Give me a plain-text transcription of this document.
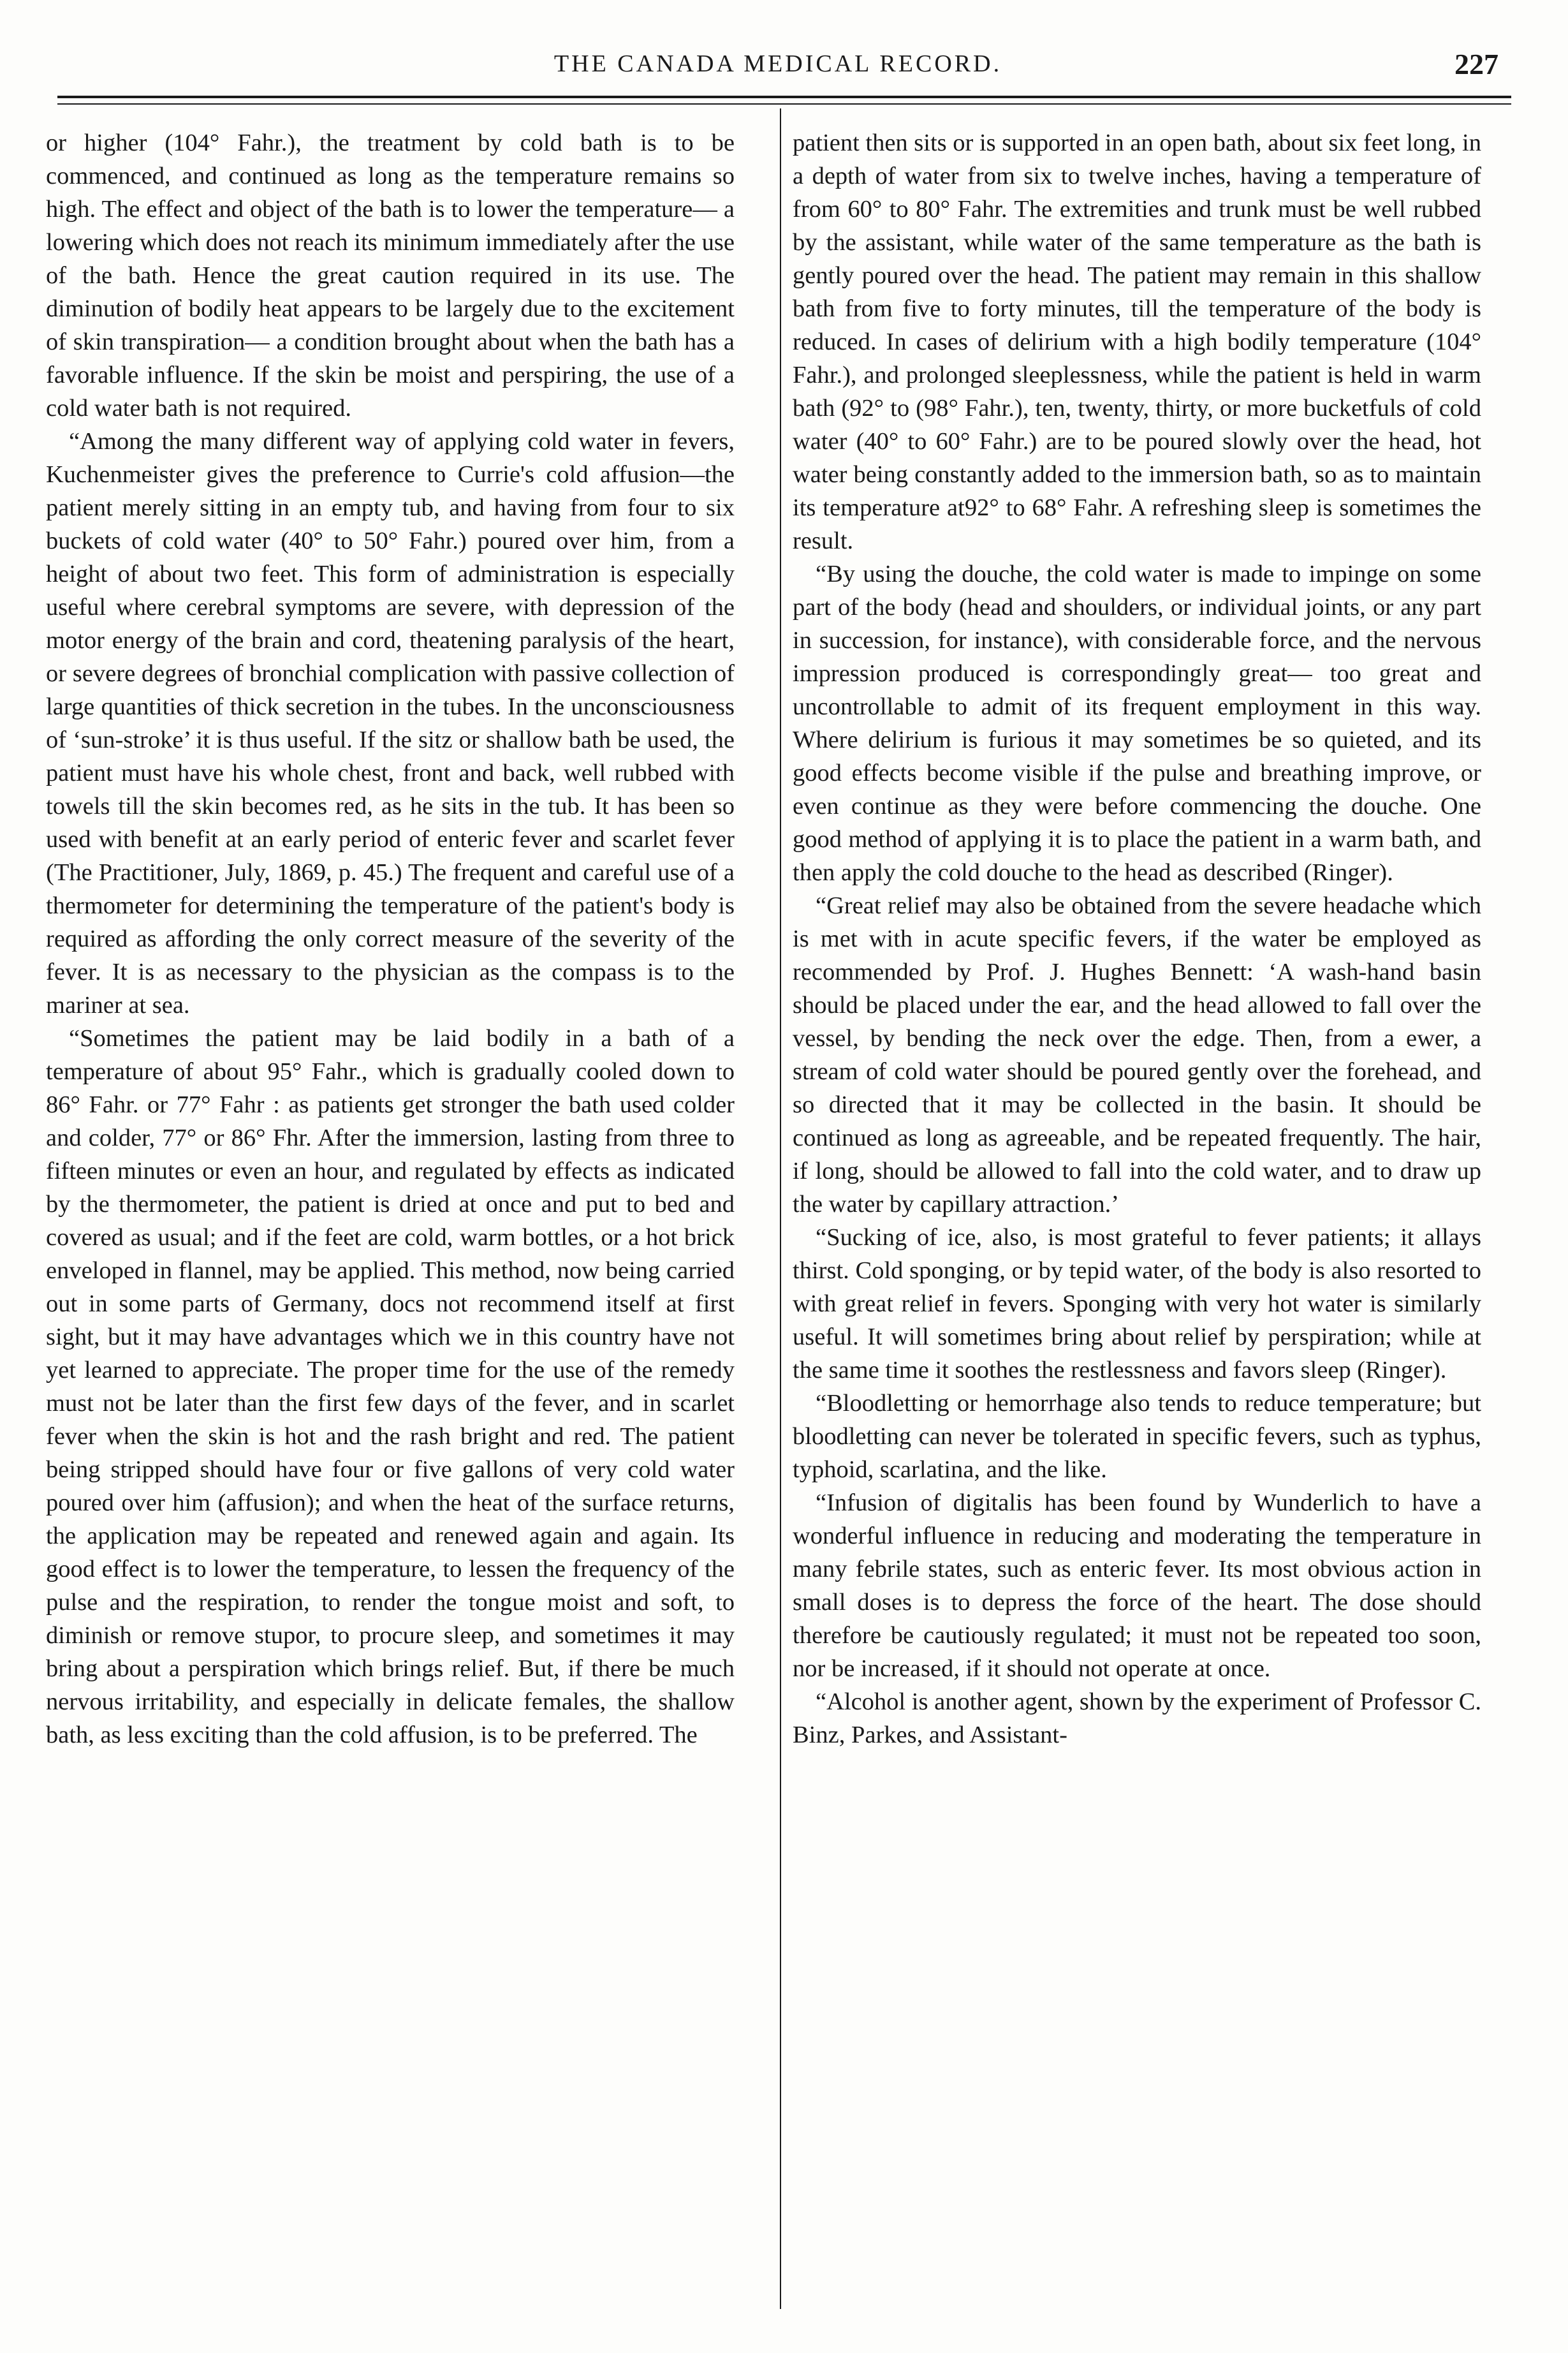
THE CANADA MEDICAL RECORD.	227

or higher (104° Fahr.), the treatment by cold bath is to be commenced, and continued as long as the temperature remains so high. The effect and object of the bath is to lower the temperature— a lowering which does not reach its minimum immediately after the use of the bath. Hence the great caution required in its use. The diminution of bodily heat appears to be largely due to the excitement of skin transpiration— a condition brought about when the bath has a favorable influence. If the skin be moist and perspiring, the use of a cold water bath is not required.

“Among the many different way of applying cold water in fevers, Kuchenmeister gives the preference to Currie's cold affusion—the patient merely sitting in an empty tub, and having from four to six buckets of cold water (40° to 50° Fahr.) poured over him, from a height of about two feet. This form of administration is especially useful where cerebral symptoms are severe, with depression of the motor energy of the brain and cord, theatening paralysis of the heart, or severe degrees of bronchial complication with passive collection of large quantities of thick secretion in the tubes. In the unconsciousness of ‘sun-stroke’ it is thus useful. If the sitz or shallow bath be used, the patient must have his whole chest, front and back, well rubbed with towels till the skin becomes red, as he sits in the tub. It has been so used with benefit at an early period of enteric fever and scarlet fever (The Practitioner, July, 1869, p. 45.) The frequent and careful use of a thermometer for determining the temperature of the patient's body is required as affording the only correct measure of the severity of the fever. It is as necessary to the physician as the compass is to the mariner at sea.

“Sometimes the patient may be laid bodily in a bath of a temperature of about 95° Fahr., which is gradually cooled down to 86° Fahr. or 77° Fahr : as patients get stronger the bath used colder and colder, 77° or 86° Fhr. After the immersion, lasting from three to fifteen minutes or even an hour, and regulated by effects as indicated by the thermometer, the patient is dried at once and put to bed and covered as usual; and if the feet are cold, warm bottles, or a hot brick enveloped in flannel, may be applied. This method, now being carried out in some parts of Germany, docs not recommend itself at first sight, but it may have advantages which we in this country have not yet learned to appreciate. The proper time for the use of the remedy must not be later than the first few days of the fever, and in scarlet fever when the skin is hot and the rash bright and red. The patient being stripped should have four or five gallons of very cold water poured over him (affusion); and when the heat of the surface returns, the application may be repeated and renewed again and again. Its good effect is to lower the temperature, to lessen the frequency of the pulse and the respiration, to render the tongue moist and soft, to diminish or remove stupor, to procure sleep, and sometimes it may bring about a perspiration which brings relief. But, if there be much nervous irritability, and especially in delicate females, the shallow bath, as less exciting than the cold affusion, is to be preferred. The

patient then sits or is supported in an open bath, about six feet long, in a depth of water from six to twelve inches, having a temperature of from 60° to 80° Fahr. The extremities and trunk must be well rubbed by the assistant, while water of the same temperature as the bath is gently poured over the head. The patient may remain in this shallow bath from five to forty minutes, till the temperature of the body is reduced. In cases of delirium with a high bodily temperature (104° Fahr.), and prolonged sleeplessness, while the patient is held in warm bath (92° to (98° Fahr.), ten, twenty, thirty, or more bucketfuls of cold water (40° to 60° Fahr.) are to be poured slowly over the head, hot water being constantly added to the immersion bath, so as to maintain its temperature at92° to 68° Fahr. A refreshing sleep is sometimes the result.

“By using the douche, the cold water is made to impinge on some part of the body (head and shoulders, or individual joints, or any part in succession, for instance), with considerable force, and the nervous impression produced is correspondingly great— too great and uncontrollable to admit of its frequent employment in this way. Where delirium is furious it may sometimes be so quieted, and its good effects become visible if the pulse and breathing improve, or even continue as they were before commencing the douche. One good method of applying it is to place the patient in a warm bath, and then apply the cold douche to the head as described (Ringer).

“Great relief may also be obtained from the severe headache which is met with in acute specific fevers, if the water be employed as recommended by Prof. J. Hughes Bennett: ‘A wash-hand basin should be placed under the ear, and the head allowed to fall over the vessel, by bending the neck over the edge. Then, from a ewer, a stream of cold water should be poured gently over the forehead, and so directed that it may be collected in the basin. It should be continued as long as agreeable, and be repeated frequently. The hair, if long, should be allowed to fall into the cold water, and to draw up the water by capillary attraction.’

“Sucking of ice, also, is most grateful to fever patients; it allays thirst. Cold sponging, or by tepid water, of the body is also resorted to with great relief in fevers. Sponging with very hot water is similarly useful. It will sometimes bring about relief by perspiration; while at the same time it soothes the restlessness and favors sleep (Ringer).

“Bloodletting or hemorrhage also tends to reduce temperature; but bloodletting can never be tolerated in specific fevers, such as typhus, typhoid, scarlatina, and the like.

“Infusion of digitalis has been found by Wunderlich to have a wonderful influence in reducing and moderating the temperature in many febrile states, such as enteric fever. Its most obvious action in small doses is to depress the force of the heart. The dose should therefore be cautiously regulated; it must not be repeated too soon, nor be increased, if it should not operate at once.

“Alcohol is another agent, shown by the experiment of Professor C. Binz, Parkes, and Assistant-
